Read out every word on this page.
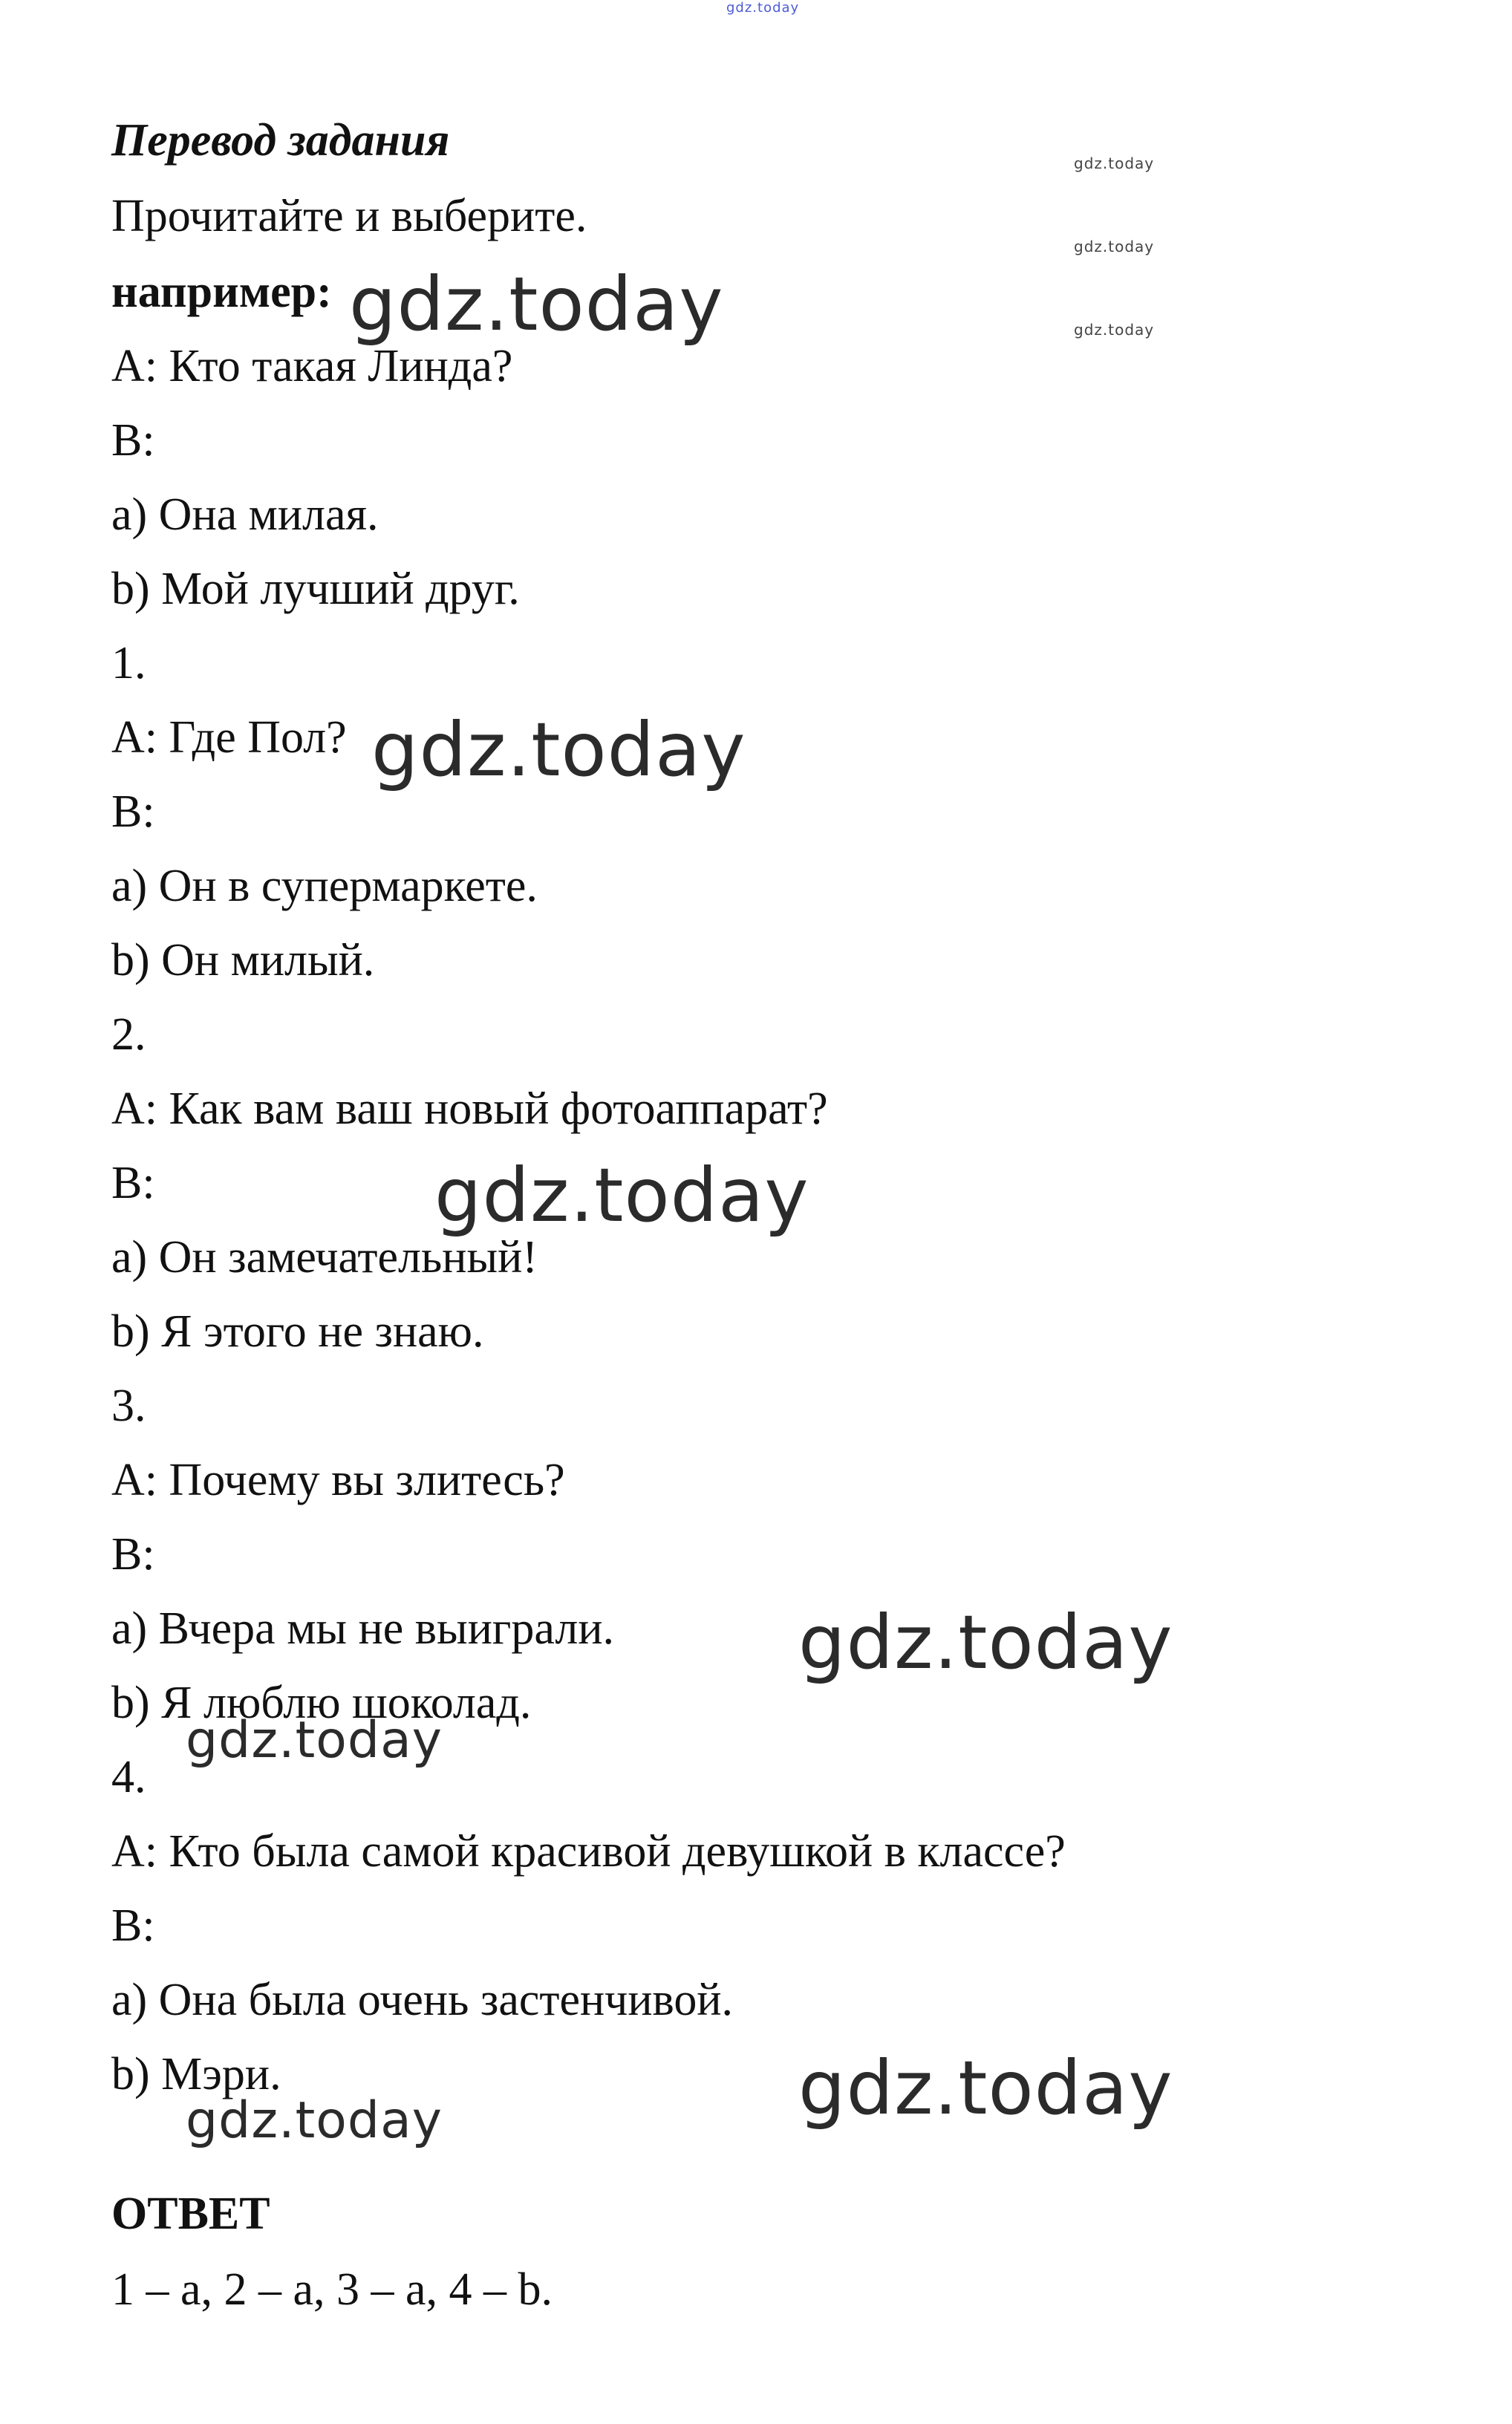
gdz.today
gdz.today
gdz.today
gdz.today

Перевод задания

Прочитайте и выберите.

например:

A: Кто такая Линда?

B:

a) Она милая.

b) Мой лучший друг.

1.

A: Где Пол?

B:

a) Он в супермаркете.

b) Он милый.

2.

A: Как вам ваш новый фотоаппарат?

B:

a) Он замечательный!

b) Я этого не знаю.

3.

A: Почему вы злитесь?

B:

a) Вчера мы не выиграли.

b) Я люблю шоколад.

4.

A: Кто была самой красивой девушкой в классе?

B:

a) Она была очень застенчивой.

b) Мэри.

ОТВЕТ

1 – a, 2 – a, 3 – a, 4 – b.

gdz.today
gdz.today
gdz.today
gdz.today
gdz.today
gdz.today
gdz.today
